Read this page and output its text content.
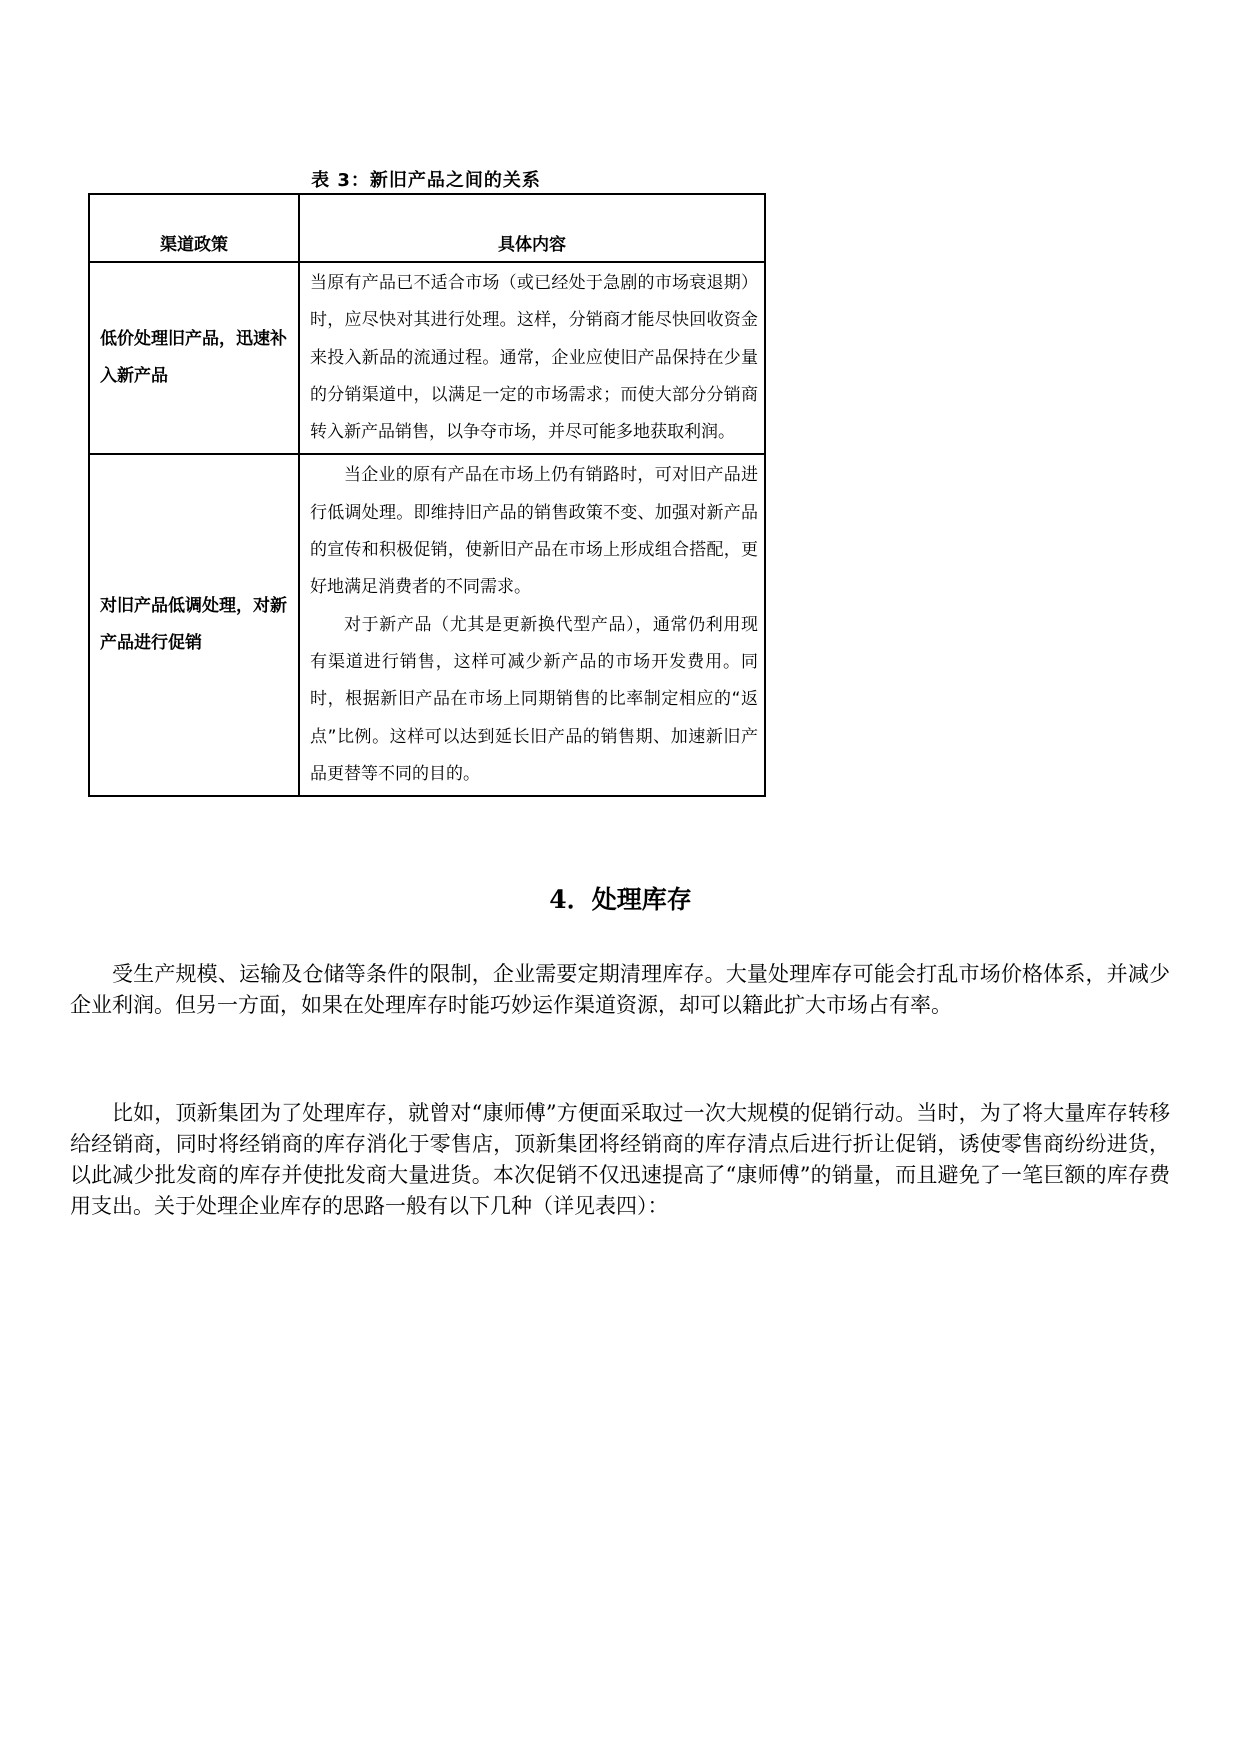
表 3：新旧产品之间的关系
渠道政策	具体内容
低价处理旧产品，迅速补入新产品	当原有产品已不适合市场（或已经处于急剧的市场衰退期）时，应尽快对其进行处理。这样，分销商才能尽快回收资金来投入新品的流通过程。通常，企业应使旧产品保持在少量的分销渠道中，以满足一定的市场需求；而使大部分分销商转入新产品销售，以争夺市场，并尽可能多地获取利润。

对旧产品低调处理，对新产品进行促销	当企业的原有产品在市场上仍有销路时，可对旧产品进行低调处理。即维持旧产品的销售政策不变、加强对新产品的宣传和积极促销，使新旧产品在市场上形成组合搭配，更好地满足消费者的不同需求。

对于新产品（尤其是更新换代型产品），通常仍利用现有渠道进行销售，这样可减少新产品的市场开发费用。同时，根据新旧产品在市场上同期销售的比率制定相应的“返点”比例。这样可以达到延长旧产品的销售期、加速新旧产品更替等不同的目的。

4．处理库存

受生产规模、运输及仓储等条件的限制，企业需要定期清理库存。大量处理库存可能会打乱市场价格体系，并减少企业利润。但另一方面，如果在处理库存时能巧妙运作渠道资源，却可以籍此扩大市场占有率。

比如，顶新集团为了处理库存，就曾对“康师傅”方便面采取过一次大规模的促销行动。当时，为了将大量库存转移给经销商，同时将经销商的库存消化于零售店，顶新集团将经销商的库存清点后进行折让促销，诱使零售商纷纷进货，以此减少批发商的库存并使批发商大量进货。本次促销不仅迅速提高了“康师傅”的销量，而且避免了一笔巨额的库存费用支出。关于处理企业库存的思路一般有以下几种（详见表四）：
